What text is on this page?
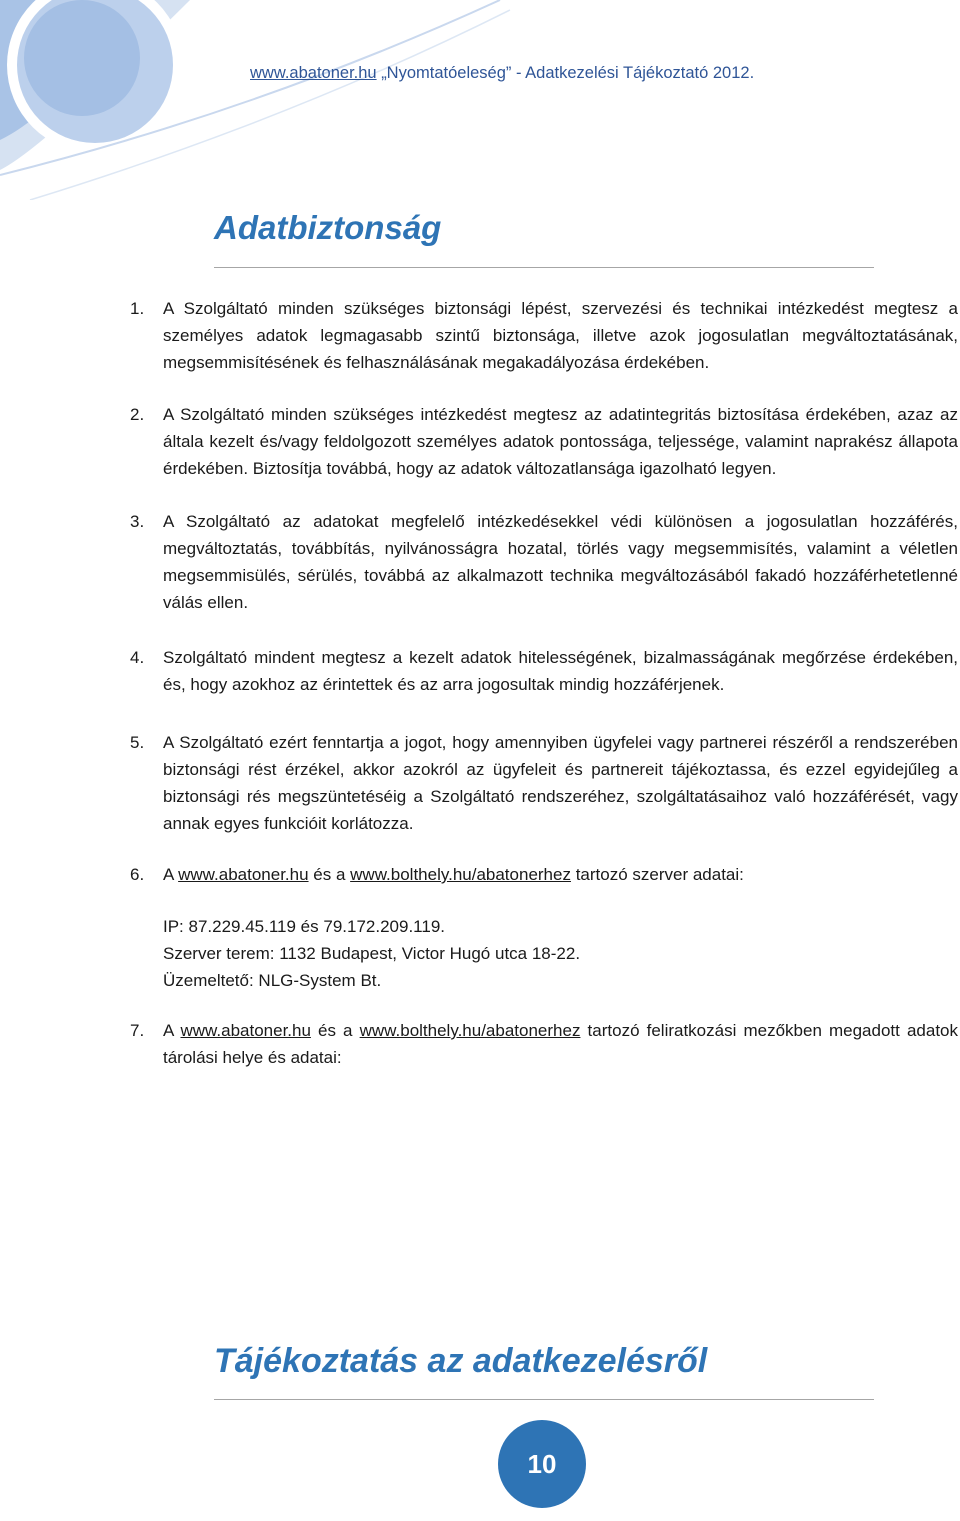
www.abatoner.hu „Nyomtatóeleség” - Adatkezelési Tájékoztató 2012.
Adatbiztonság
1.	A Szolgáltató minden szükséges biztonsági lépést, szervezési és technikai intézkedést megtesz a személyes adatok legmagasabb szintű biztonsága, illetve azok jogosulatlan megváltoztatásának, megsemmisítésének és felhasználásának megakadályozása érdekében.
2.	A Szolgáltató minden szükséges intézkedést megtesz az adatintegritás biztosítása érdekében, azaz az általa kezelt és/vagy feldolgozott személyes adatok pontossága, teljessége, valamint naprakész állapota érdekében. Biztosítja továbbá, hogy az adatok változatlansága igazolható legyen.
3.	A Szolgáltató az adatokat megfelelő intézkedésekkel védi különösen a jogosulatlan hozzáférés, megváltoztatás, továbbítás, nyilvánosságra hozatal, törlés vagy megsemmisítés, valamint a véletlen megsemmisülés, sérülés, továbbá az alkalmazott technika megváltozásából fakadó hozzáférhetetlenné válás ellen.
4.	Szolgáltató mindent megtesz a kezelt adatok hitelességének, bizalmasságának megőrzése érdekében, és, hogy azokhoz az érintettek és az arra jogosultak mindig hozzáférjenek.
5.	A Szolgáltató ezért fenntartja a jogot, hogy amennyiben ügyfelei vagy partnerei részéről a rendszerében biztonsági rést érzékel, akkor azokról az ügyfeleit és partnereit tájékoztassa, és ezzel egyidejűleg a biztonsági rés megszüntetéséig a Szolgáltató rendszeréhez, szolgáltatásaihoz való hozzáférését, vagy annak egyes funkcióit korlátozza.
6.	A www.abatoner.hu és a www.bolthely.hu/abatonerhez tartozó szerver adatai:
IP: 87.229.45.119 és 79.172.209.119.
Szerver terem: 1132 Budapest, Victor Hugó utca 18-22.
Üzemeltető: NLG-System Bt.
7.	A www.abatoner.hu és a www.bolthely.hu/abatonerhez tartozó feliratkozási mezőkben megadott adatok tárolási helye és adatai:
Tájékoztatás az adatkezelésről
10
